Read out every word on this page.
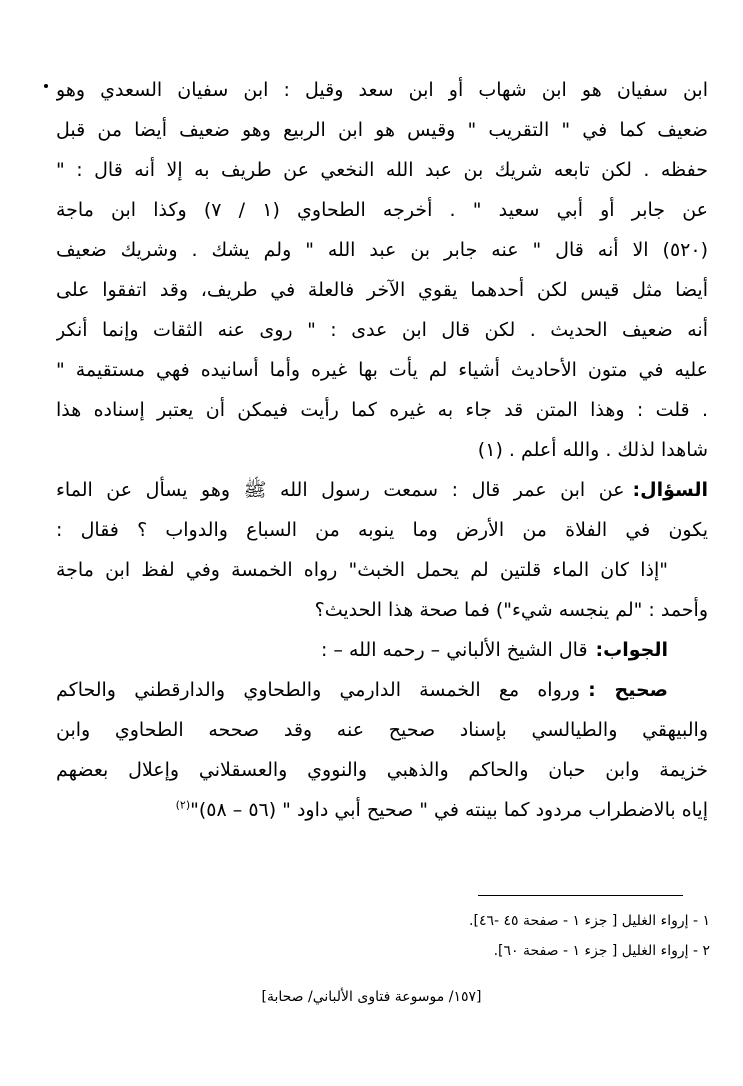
ابن سفيان هو ابن شهاب أو ابن سعد وقيل : ابن سفيان السعدي وهو
ضعيف كما في " التقريب " وقيس هو ابن الربيع وهو ضعيف أيضا من قبل
حفظه . لكن تابعه شريك بن عبد الله النخعي عن طريف به إلا أنه قال : "
عن جابر أو أبي سعيد " . أخرجه الطحاوي (١ / ٧) وكذا ابن ماجة
(٥٢٠) الا أنه قال " عنه جابر بن عبد الله " ولم يشك . وشريك ضعيف
أيضا مثل قيس لكن أحدهما يقوي الآخر فالعلة في طريف، وقد اتفقوا على
أنه ضعيف الحديث . لكن قال ابن عدى : " روى عنه الثقات وإنما أنكر
عليه في متون الأحاديث أشياء لم يأت بها غيره وأما أسانيده فهي مستقيمة "
. قلت : وهذا المتن قد جاء به غيره كما رأيت فيمكن أن يعتبر إسناده هذا
شاهدا لذلك . والله أعلم . (١)
السؤال:عن ابن عمر قال : سمعت رسول الله ﷺ وهو يسأل عن الماء
يكون في الفلاة من الأرض وما ينوبه من السباع والدواب ؟ فقال :
"إذا كان الماء قلتين لم يحمل الخبث" رواه الخمسة وفي لفظ ابن ماجة
وأحمد : "لم ينجسه شيء") فما صحة هذا الحديث؟
الجواب:قال الشيخ الألباني – رحمه الله – :
صحيح :ورواه مع الخمسة الدارمي والطحاوي والدارقطني والحاكم
والبيهقي والطيالسي بإسناد صحيح عنه وقد صححه الطحاوي وابن
خزيمة وابن حبان والحاكم والذهبي والنووي والعسقلاني وإعلال بعضهم
إياه بالاضطراب مردود كما بينته في " صحيح أبي داود " (٥٦ – ٥٨)"$^{(٢)}$
١ - إرواء الغليل [ جزء ١ - صفحة ٤٥ -٤٦].
٢ - إرواء الغليل [ جزء ١ - صفحة ٦٠].
[١٥٧/ موسوعة فتاوى الألباني/ صحابة]
